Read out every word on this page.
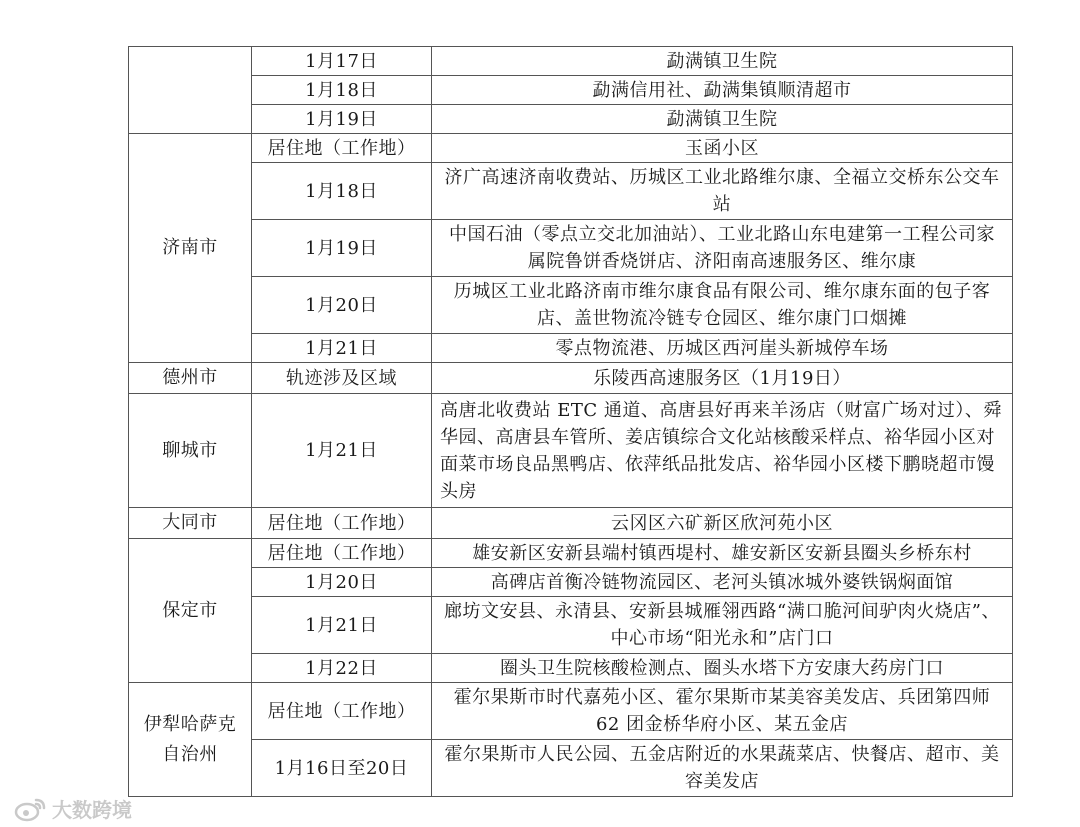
	1月17日	勐满镇卫生院
	1月18日	勐满信用社、勐满集镇顺清超市
	1月19日	勐满镇卫生院
济南市	居住地（工作地）	玉函小区
	1月18日	济广高速济南收费站、历城区工业北路维尔康、全福立交桥东公交车站
	1月19日	中国石油（零点立交北加油站）、工业北路山东电建第一工程公司家属院鲁饼香烧饼店、济阳南高速服务区、维尔康
	1月20日	历城区工业北路济南市维尔康食品有限公司、维尔康东面的包子客店、盖世物流冷链专仓园区、维尔康门口烟摊
	1月21日	零点物流港、历城区西河崖头新城停车场
德州市	轨迹涉及区域	乐陵西高速服务区（1月19日）
聊城市	1月21日	高唐北收费站 ETC 通道、高唐县好再来羊汤店（财富广场对过）、舜华园、高唐县车管所、姜店镇综合文化站核酸采样点、裕华园小区对面菜市场良品黑鸭店、依萍纸品批发店、裕华园小区楼下鹏晓超市馒头房
大同市	居住地（工作地）	云冈区六矿新区欣河苑小区
保定市	居住地（工作地）	雄安新区安新县端村镇西堤村、雄安新区安新县圈头乡桥东村
	1月20日	高碑店首衡冷链物流园区、老河头镇冰城外婆铁锅焖面馆
	1月21日	廊坊文安县、永清县、安新县城雁翎西路“满口脆河间驴肉火烧店”、中心市场“阳光永和”店门口
	1月22日	圈头卫生院核酸检测点、圈头水塔下方安康大药房门口
伊犁哈萨克自治州	居住地（工作地）	霍尔果斯市时代嘉苑小区、霍尔果斯市某美容美发店、兵团第四师 62 团金桥华府小区、某五金店
	1月16日至20日	霍尔果斯市人民公园、五金店附近的水果蔬菜店、快餐店、超市、美容美发店
大数跨境
